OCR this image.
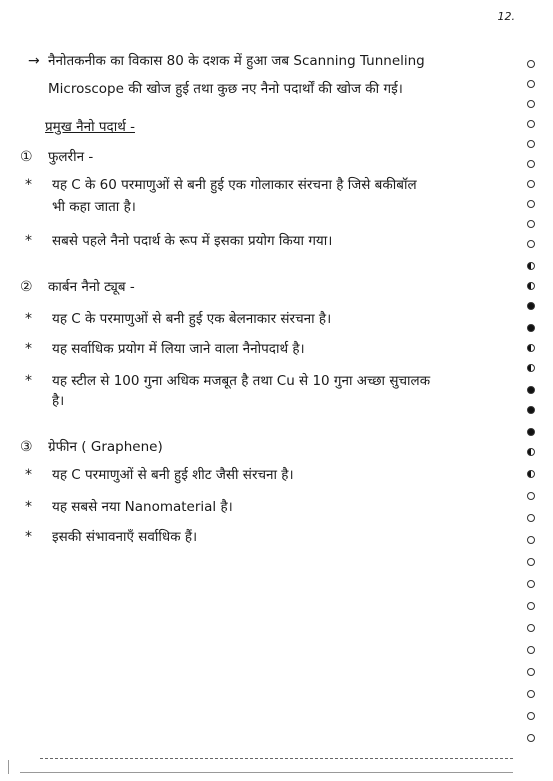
12.
→ नैनोतकनीक का विकास 80 के दशक में हुआ जब Scanning Tunneling
Microscope की खोज हुई तथा कुछ नए नैनो पदार्थों की खोज की गई।
प्रमुख नैनो पदार्थ -
① फुलरीन -
* यह C के 60 परमाणुओं से बनी हुई एक गोलाकार संरचना है जिसे बकीबॉल
भी कहा जाता है।
* सबसे पहले नैनो पदार्थ के रूप में इसका प्रयोग किया गया।
② कार्बन नैनो ट्यूब -
* यह C के परमाणुओं से बनी हुई एक बेलनाकार संरचना है।
* यह सर्वाधिक प्रयोग में लिया जाने वाला नैनोपदार्थ है।
* यह स्टील से 100 गुना अधिक मजबूत है तथा Cu से 10 गुना अच्छा सुचालक
है।
③ ग्रेफीन ( Graphene)
* यह C परमाणुओं से बनी हुई शीट जैसी संरचना है।
* यह सबसे नया Nanomaterial है।
* इसकी संभावनाएँ सर्वाधिक हैं।
